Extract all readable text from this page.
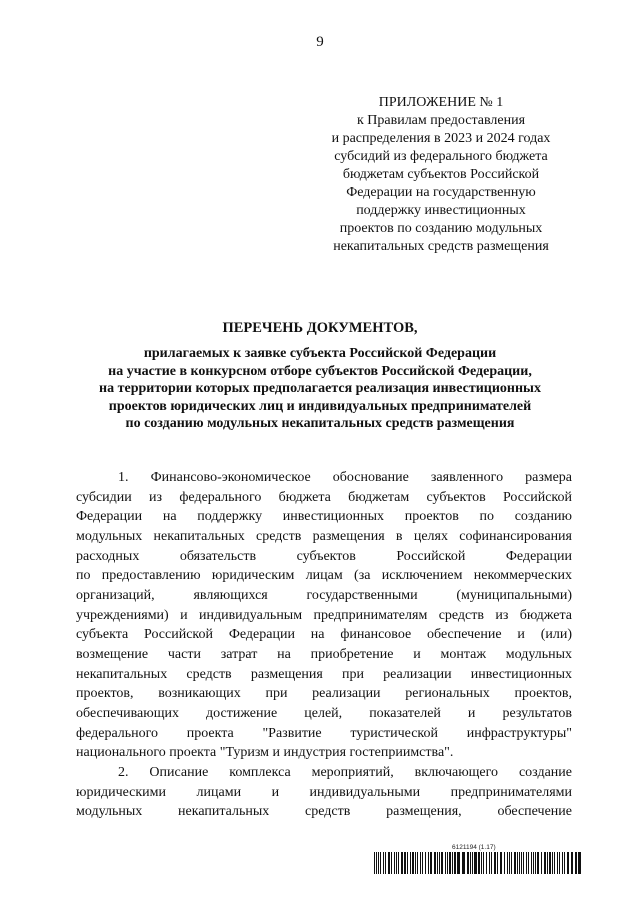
9
ПРИЛОЖЕНИЕ № 1
к Правилам предоставления
и распределения в 2023 и 2024 годах
субсидий из федерального бюджета
бюджетам субъектов Российской
Федерации на государственную
поддержку инвестиционных
проектов по созданию модульных
некапитальных средств размещения
ПЕРЕЧЕНЬ ДОКУМЕНТОВ,
прилагаемых к заявке субъекта Российской Федерации
на участие в конкурсном отборе субъектов Российской Федерации,
на территории которых предполагается реализация инвестиционных
проектов юридических лиц и индивидуальных предпринимателей
по созданию модульных некапитальных средств размещения
1. Финансово-экономическое обоснование заявленного размера
субсидии из федерального бюджета бюджетам субъектов Российской
Федерации на поддержку инвестиционных проектов по созданию
модульных некапитальных средств размещения в целях софинансирования
расходных обязательств субъектов Российской Федерации
по предоставлению юридическим лицам (за исключением некоммерческих
организаций, являющихся государственными (муниципальными)
учреждениями) и индивидуальным предпринимателям средств из бюджета
субъекта Российской Федерации на финансовое обеспечение и (или)
возмещение части затрат на приобретение и монтаж модульных
некапитальных средств размещения при реализации инвестиционных
проектов, возникающих при реализации региональных проектов,
обеспечивающих достижение целей, показателей и результатов
федерального проекта "Развитие туристической инфраструктуры"
национального проекта "Туризм и индустрия гостеприимства".
2. Описание комплекса мероприятий, включающего создание
юридическими лицами и индивидуальными предпринимателями
модульных некапитальных средств размещения, обеспечение
6121194 (1.17)
